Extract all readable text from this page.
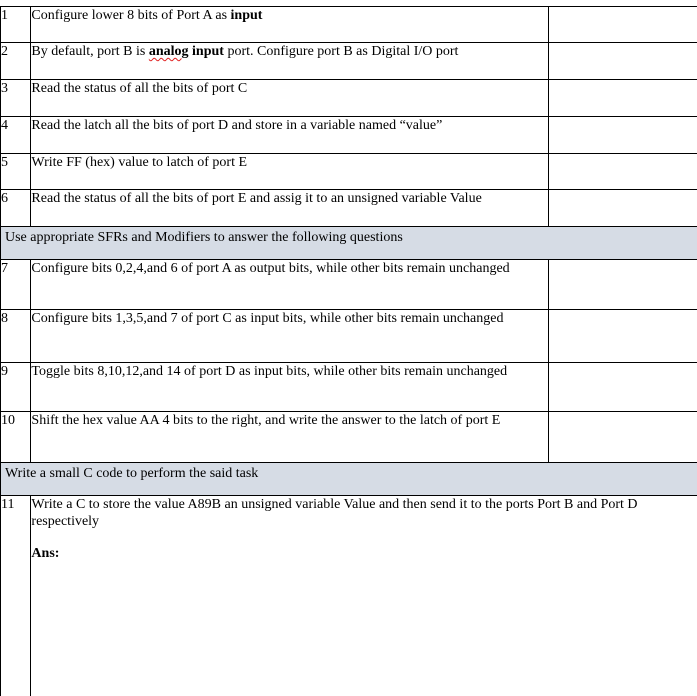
1	Configure lower 8 bits of Port A as input	
2	By default, port B is analog input port. Configure port B as Digital I/O port	
3	Read the status of all the bits of port C	
4	Read the latch all the bits of port D and store in a variable named “value”	
5	Write FF (hex) value to latch of port E	
6	Read the status of all the bits of port E and assig it to an unsigned variable Value	
Use appropriate SFRs and Modifiers to answer the following questions		
7	Configure bits 0,2,4,and 6 of port A as output bits, while other bits remain unchanged	
8	Configure bits 1,3,5,and 7 of port C as input bits, while other bits remain unchanged	
9	Toggle bits 8,10,12,and 14 of port D as input bits, while other bits remain unchanged	
10	Shift the hex value AA 4 bits to the right, and write the answer to the latch of port E	
Write a small C code to perform the said task		
11	Write a C to store the value A89B an unsigned variable Value and then send it to the ports Port B and Port D respectively
Ans:	
